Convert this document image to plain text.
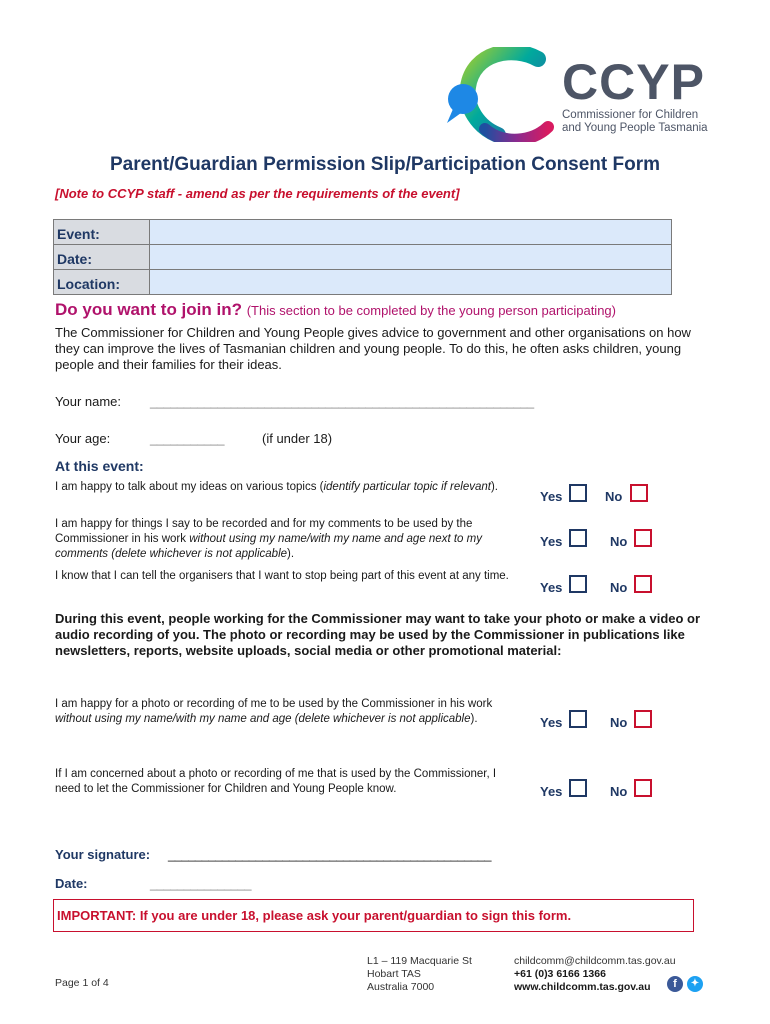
CCYP
Commissioner for Children
and Young People Tasmania
Parent/Guardian Permission Slip/Participation Consent Form
[Note to CCYP staff - amend as per the requirements of the event]
Event:	
Date:	
Location:	
Do you want to join in? (This section to be completed by the young person participating)
The Commissioner for Children and Young People gives advice to government and other organisations on how they can improve the lives of Tasmanian children and young people. To do this, he often asks children, young people and their families for their ideas.
Your name: _________________________________________________________
Your age:	___________	(if under 18)
At this event:
I am happy to talk about my ideas on various topics (identify particular topic if relevant).
Yes	No
I am happy for things I say to be recorded and for my comments to be used by the Commissioner in his work without using my name/with my name and age next to my comments (delete whichever is not applicable).
Yes	No
I know that I can tell the organisers that I want to stop being part of this event at any time.
Yes	No
During this event, people working for the Commissioner may want to take your photo or make a video or audio recording of you. The photo or recording may be used by the Commissioner in publications like newsletters, reports, website uploads, social media or other promotional material:
I am happy for a photo or recording of me to be used by the Commissioner in his work without using my name/with my name and age (delete whichever is not applicable).	Yes	No
If I am concerned about a photo or recording of me that is used by the Commissioner, I need to let the Commissioner for Children and Young People know.	Yes	No
Your signature: ________________________________________________
Date:	_______________
IMPORTANT: If you are under 18, please ask your parent/guardian to sign this form.
Page 1 of 4
L1 – 119 Macquarie St
Hobart TAS
Australia 7000
childcomm@childcomm.tas.gov.au
+61 (0)3 6166 1366
www.childcomm.tas.gov.au	f	✦
